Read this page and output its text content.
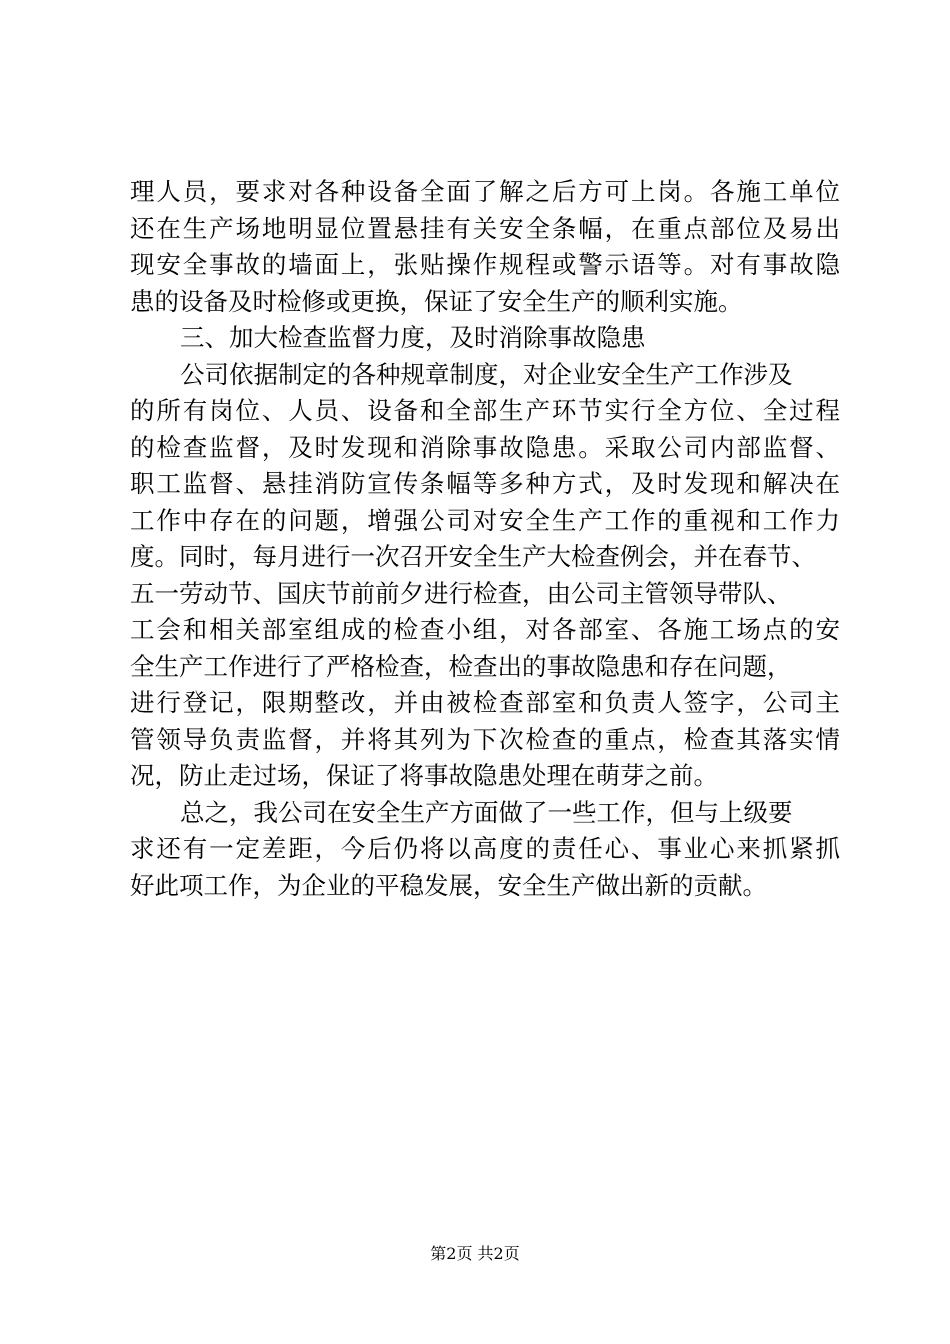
理人员，要求对各种设备全面了解之后方可上岗。各施工单位
还在生产场地明显位置悬挂有关安全条幅，在重点部位及易出
现安全事故的墙面上，张贴操作规程或警示语等。对有事故隐
患的设备及时检修或更换，保证了安全生产的顺利实施。
三、加大检查监督力度，及时消除事故隐患
公司依据制定的各种规章制度，对企业安全生产工作涉及
的所有岗位、人员、设备和全部生产环节实行全方位、全过程
的检查监督，及时发现和消除事故隐患。采取公司内部监督、
职工监督、悬挂消防宣传条幅等多种方式，及时发现和解决在
工作中存在的问题，增强公司对安全生产工作的重视和工作力
度。同时，每月进行一次召开安全生产大检查例会，并在春节、
五一劳动节、国庆节前前夕进行检查，由公司主管领导带队、
工会和相关部室组成的检查小组，对各部室、各施工场点的安
全生产工作进行了严格检查，检查出的事故隐患和存在问题，
进行登记，限期整改，并由被检查部室和负责人签字，公司主
管领导负责监督，并将其列为下次检查的重点，检查其落实情
况，防止走过场，保证了将事故隐患处理在萌芽之前。
总之，我公司在安全生产方面做了一些工作，但与上级要
求还有一定差距，今后仍将以高度的责任心、事业心来抓紧抓
好此项工作，为企业的平稳发展，安全生产做出新的贡献。
第2页 共2页
